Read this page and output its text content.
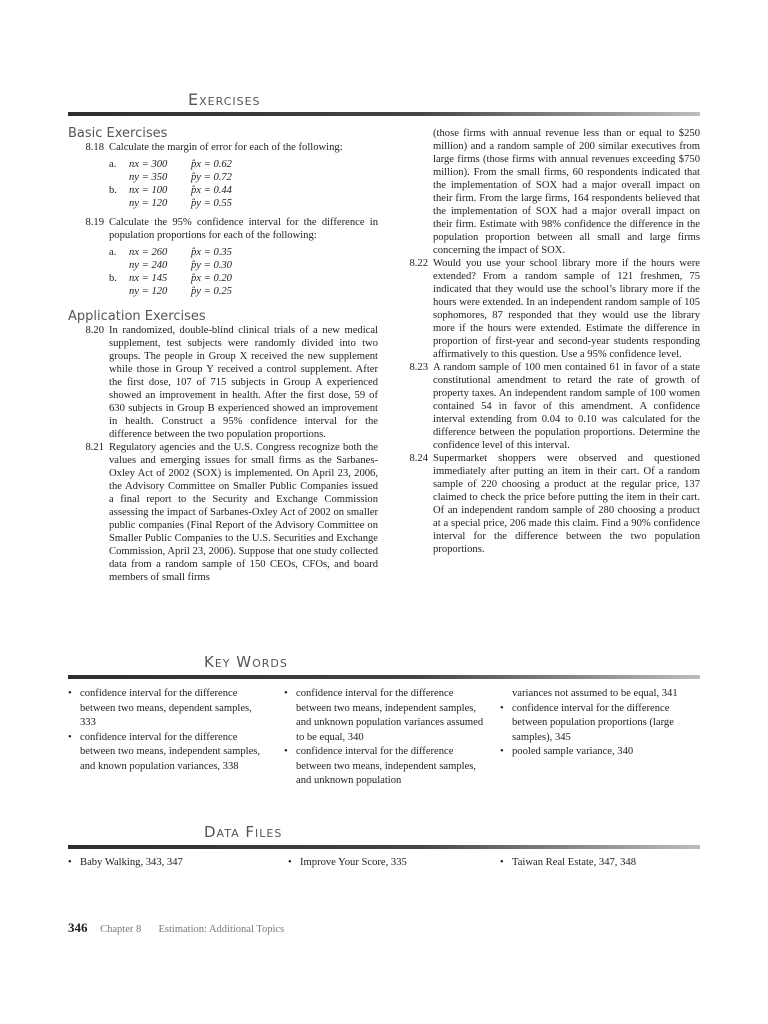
Exercises
Basic Exercises
8.18 Calculate the margin of error for each of the following:

a.	nx = 300	p̂x = 0.62
ny = 350	p̂y = 0.72
b.	nx = 100	p̂x = 0.44
ny = 120	p̂y = 0.55
8.19 Calculate the 95% confidence interval for the difference in population proportions for each of the following:

a.	nx = 260	p̂x = 0.35
ny = 240	p̂y = 0.30
b.	nx = 145	p̂x = 0.20
ny = 120	p̂y = 0.25
Application Exercises
8.20 In randomized, double-blind clinical trials of a new medical supplement, test subjects were randomly divided into two groups. The people in Group X received the new supplement while those in Group Y received a control supplement. After the first dose, 107 of 715 subjects in Group A experienced showed an improvement in health. After the first dose, 59 of 630 subjects in Group B experienced showed an improvement in health. Construct a 95% confidence interval for the difference between the two population proportions.

8.21 Regulatory agencies and the U.S. Congress recognize both the values and emerging issues for small firms as the Sarbanes-Oxley Act of 2002 (SOX) is implemented. On April 23, 2006, the Advisory Committee on Smaller Public Companies issued a final report to the Security and Exchange Commission assessing the impact of Sarbanes-Oxley Act of 2002 on smaller public companies (Final Report of the Advisory Committee on Smaller Public Companies to the U.S. Securities and Exchange Commission, April 23, 2006). Suppose that one study collected data from a random sample of 150 CEOs, CFOs, and board members of small firms

(those firms with annual revenue less than or equal to $250 million) and a random sample of 200 similar executives from large firms (those firms with annual revenues exceeding $750 million). From the small firms, 60 respondents indicated that the implementation of SOX had a major overall impact on their firm. From the large firms, 164 respondents believed that the implementation of SOX had a major overall impact on their firm. Estimate with 98% confidence the difference in the population proportion between all small and large firms concerning the impact of SOX.

8.22 Would you use your school library more if the hours were extended? From a random sample of 121 freshmen, 75 indicated that they would use the school’s library more if the hours were extended. In an independent random sample of 105 sophomores, 87 responded that they would use the library more if the hours were extended. Estimate the difference in proportion of first-year and second-year students responding affirmatively to this question. Use a 95% confidence level.

8.23 A random sample of 100 men contained 61 in favor of a state constitutional amendment to retard the rate of growth of property taxes. An independent random sample of 100 women contained 54 in favor of this amendment. A confidence interval extending from 0.04 to 0.10 was calculated for the difference between the population proportions. Determine the confidence level of this interval.

8.24 Supermarket shoppers were observed and questioned immediately after putting an item in their cart. Of a random sample of 220 choosing a product at the regular price, 137 claimed to check the price before putting the item in their cart. Of an independent random sample of 280 choosing a product at a special price, 206 made this claim. Find a 90% confidence interval for the difference between the two population proportions.

Key Words
• confidence interval for the difference between two means, dependent samples, 333
• confidence interval for the difference between two means, independent samples, and known population variances, 338
• confidence interval for the difference between two means, independent samples, and unknown population variances assumed to be equal, 340
• confidence interval for the difference between two means, independent samples, and unknown population
variances not assumed to be equal, 341
• confidence interval for the difference between population proportions (large samples), 345
• pooled sample variance, 340
Data Files
• Baby Walking, 343, 347	• Improve Your Score, 335	• Taiwan Real Estate, 347, 348
346 Chapter 8 Estimation: Additional Topics
